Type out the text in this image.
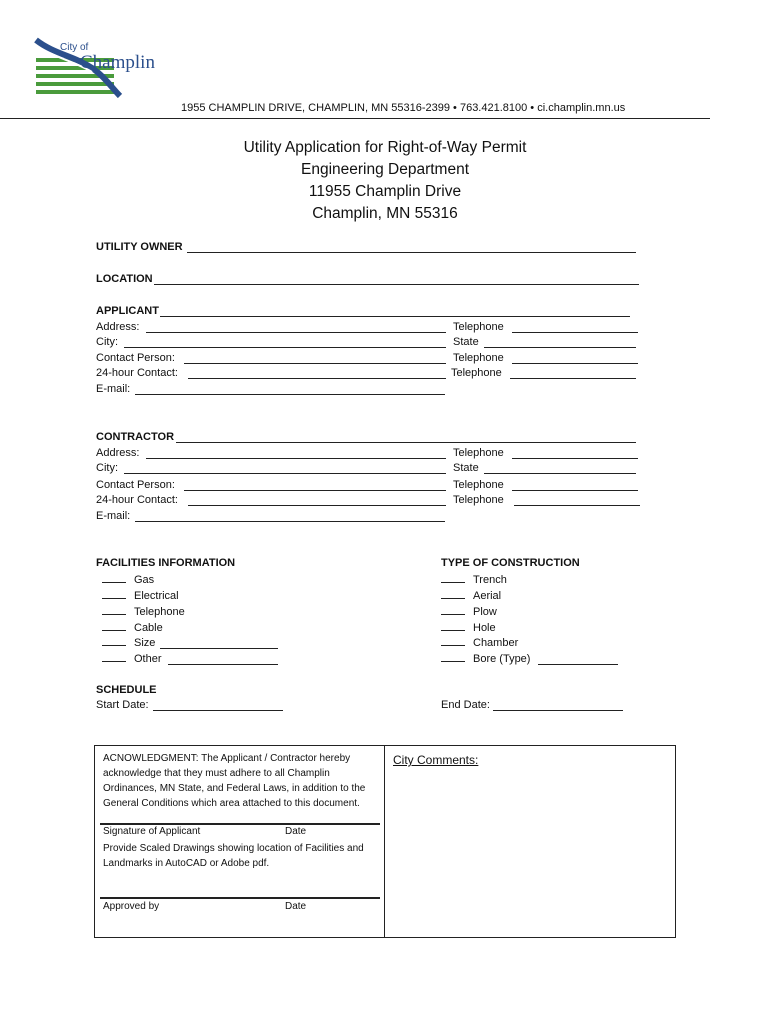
City of
Champlin
1955 CHAMPLIN DRIVE, CHAMPLIN, MN 55316-2399 • 763.421.8100 • ci.champlin.mn.us
Utility Application for Right-of-Way Permit
Engineering Department
11955 Champlin Drive
Champlin, MN 55316
UTILITY OWNER
LOCATION
APPLICANT
Address:	Telephone
City:	State
Contact Person:	Telephone
24-hour Contact:	Telephone
E-mail:
CONTRACTOR
Address:	Telephone
City:	State
Contact Person:	Telephone
24-hour Contact:	Telephone
E-mail:
FACILITIES INFORMATION
Gas
Electrical
Telephone
Cable
Size
Other
TYPE OF CONSTRUCTION
Trench
Aerial
Plow
Hole
Chamber
Bore (Type)
SCHEDULE
Start Date:	End Date:
ACNOWLEDGMENT: The Applicant / Contractor hereby acknowledge that they must adhere to all Champlin Ordinances, MN State, and Federal Laws, in addition to the General Conditions which area attached to this document.
Signature of Applicant	Date
Provide Scaled Drawings showing location of Facilities and Landmarks in AutoCAD or Adobe pdf.
Approved by	Date
City Comments:
